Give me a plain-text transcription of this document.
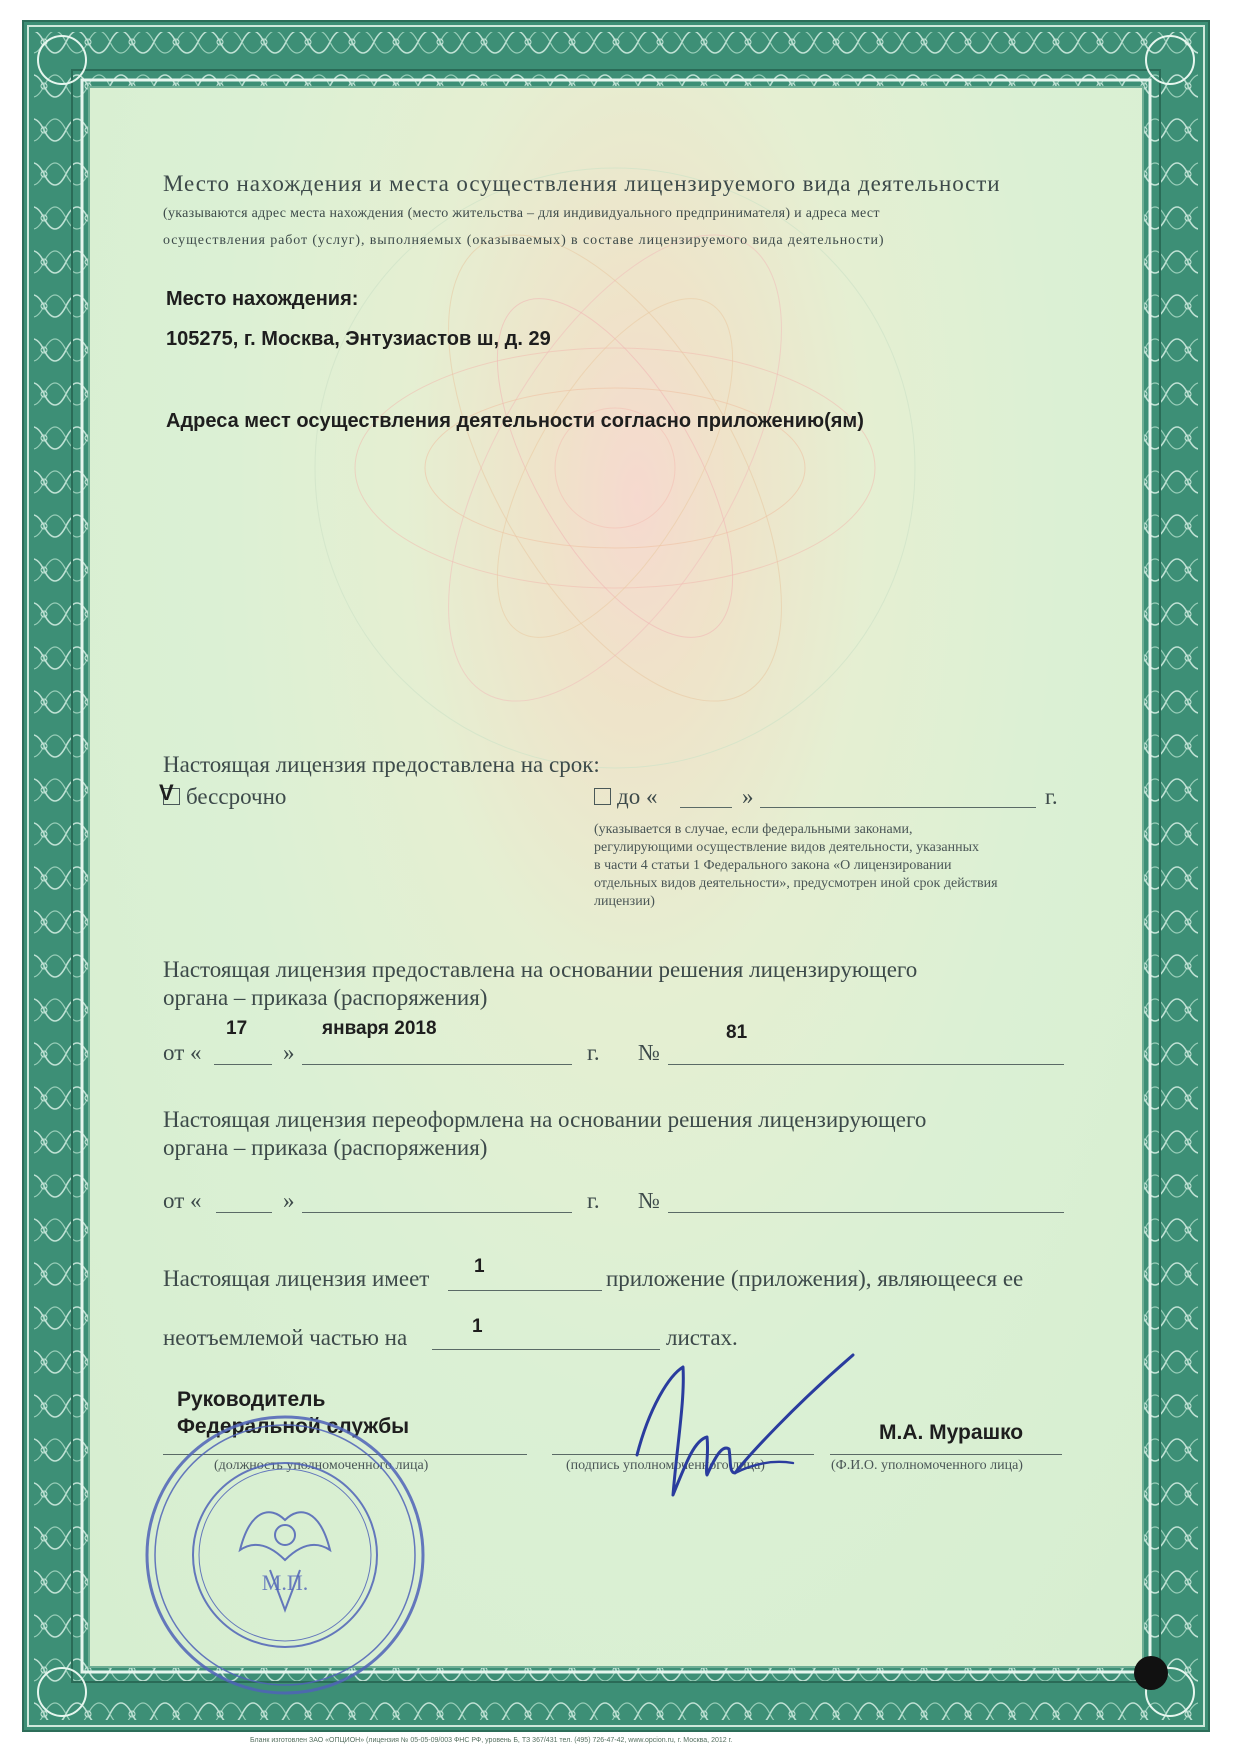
Место нахождения и места осуществления лицензируемого вида деятельности
(указываются адрес места нахождения (место жительства – для индивидуального предпринимателя) и адреса мест
осуществления работ (услуг), выполняемых (оказываемых) в составе лицензируемого вида деятельности)
Место нахождения:
105275, г. Москва, Энтузиастов ш, д. 29
Адреса мест осуществления деятельности согласно приложению(ям)
Настоящая лицензия предоставлена на срок:
V бессрочно	до «	»	г.
(указывается в случае, если федеральными законами,
регулирующими осуществление видов деятельности, указанных
в части 4 статьи 1 Федерального закона «О лицензировании
отдельных видов деятельности», предусмотрен иной срок действия
лицензии)
Настоящая лицензия предоставлена на основании решения лицензирующего
органа – приказа (распоряжения)
17	января 2018	81
от «	»	г. №
Настоящая лицензия переоформлена на основании решения лицензирующего
органа – приказа (распоряжения)
от «	»	г. №
Настоящая лицензия имеет 1	приложение (приложения), являющееся ее
неотъемлемой частью на	1	листах.
Руководитель
Федеральной службы	М.А. Мурашко
(должность уполномоченного лица)	(подпись уполномоченного лица)	(Ф.И.О. уполномоченного лица)
М.П.
Бланк изготовлен ЗАО «ОПЦИОН» (лицензия № 05-05-09/003 ФНС РФ, уровень Б, ТЗ 367/431 тел. (495) 726-47-42, www.opcion.ru, г. Москва, 2012 г.
